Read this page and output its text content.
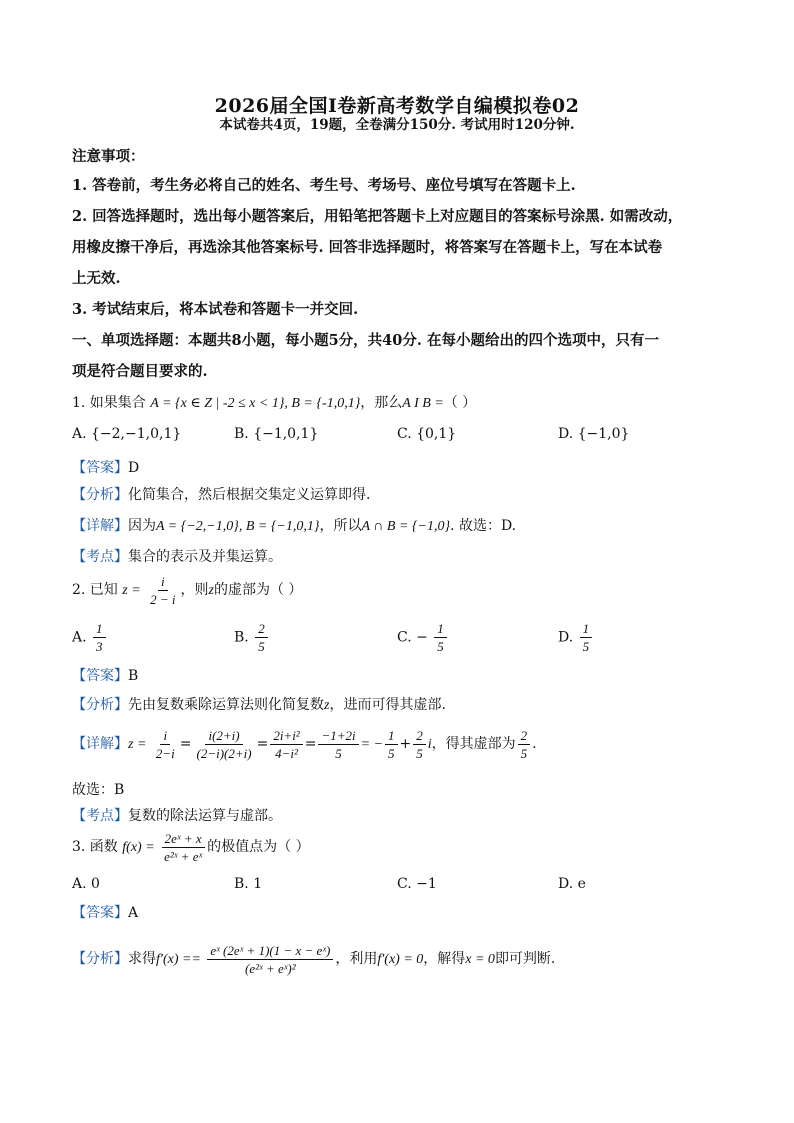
2026届全国Ⅰ卷新高考数学自编模拟卷02
本试卷共4页，19题，全卷满分150分. 考试用时120分钟.
注意事项：
1. 答卷前，考生务必将自己的姓名、考生号、考场号、座位号填写在答题卡上.
2. 回答选择题时，选出每小题答案后，用铅笔把答题卡上对应题目的答案标号涂黑. 如需改动，
用橡皮擦干净后，再选涂其他答案标号. 回答非选择题时，将答案写在答题卡上，写在本试卷
上无效.
3. 考试结束后，将本试卷和答题卡一并交回.
一、单项选择题：本题共8小题，每小题5分，共40分. 在每小题给出的四个选项中，只有一
项是符合题目要求的.
1. 如果集合 A = {x ∈ Z | -2 ≤ x < 1}, B = {-1,0,1}，那么A I B =（ ）
A. {−2,−1,0,1}	B. {−1,0,1}	C. {0,1}	D. {−1,0}
【答案】D
【分析】化简集合，然后根据交集定义运算即得.
【详解】因为A = {−2,−1,0}, B = {−1,0,1}，所以A ∩ B = {−1,0}. 故选：D.
【考点】集合的表示及并集运算。
2. 已知 $z = \frac{i}{2 - i}$ ，则z的虚部为（ ）
A. $\frac{1}{3}$	B. $\frac{2}{5}$	C. − $\frac{1}{5}$	D. $\frac{1}{5}$
【答案】B
【分析】先由复数乘除运算法则化简复数z，进而可得其虚部.
【详解】$z = \frac{i}{2-i} = \frac{i(2+i)}{(2-i)(2+i)} = \frac{\text{2i+i²}}{\text{4−i²}} = \frac{-1+2i}{5}$ = − $\frac{1}{5} + \frac{2}{5}$ i，得其虚部为 $\frac{2}{5}$ .
故选：B
【考点】复数的除法运算与虚部。
3. 函数 $f(x) = \frac{\text{2eˣ + x}}{\text{e²ˣ + eˣ}}$ 的极值点为（ ）
A. 0	B. 1	C. −1	D. e
【答案】A
【分析】求得$f'(x) == \frac{\text{eˣ (2eˣ + 1)(1 − x − eˣ)}}{\text{(e²ˣ + eˣ)²}}$ ，利用f′(x) = 0，解得x = 0即可判断.
